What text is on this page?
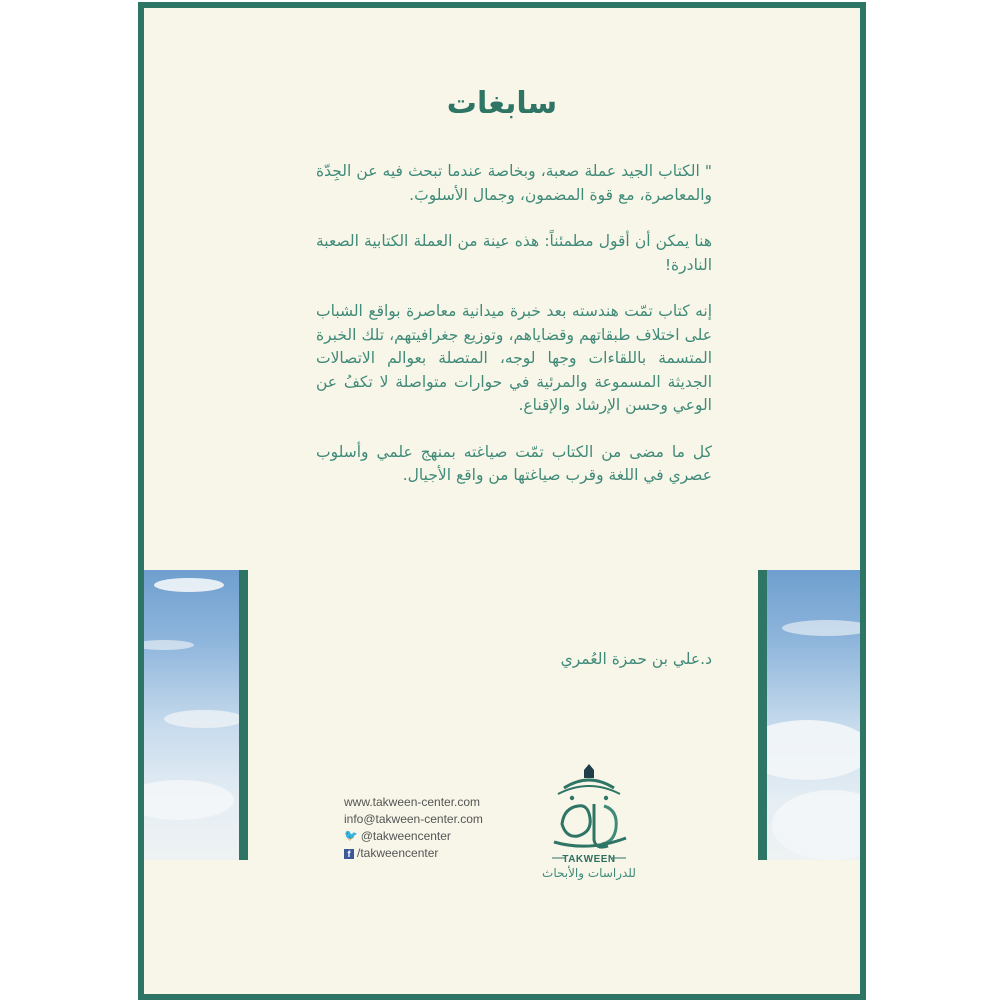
سابغات

" الكتاب الجيد عملة صعبة، وبخاصة عندما تبحث فيه عن الجِدّة والمعاصرة، مع قوة المضمون، وجمال الأسلوبَ.

هنا يمكن أن أقول مطمئناً: هذه عينة من العملة الكتابية الصعبة النادرة!

إنه كتاب تمّت هندسته بعد خبرة ميدانية معاصرة بواقع الشباب على اختلاف طبقاتهم وقضاياهم، وتوزيع جغرافيتهم، تلك الخبرة المتسمة باللقاءات وجها لوجه، المتصلة بعوالم الاتصالات الجديثة المسموعة والمرئية في حوارات متواصلة لا تكفُ عن الوعي وحسن الإرشاد والإقناع.

كل ما مضى من الكتاب تمّت صياغته بمنهج علمي وأسلوب عصري في اللغة وقرب صياغتها من واقع الأجيال.

د.علي بن حمزة العُمري
www.takween-center.com
info@takween-center.com
🐦 @takweencenter
f /takweencenter	TAKWEEN
للدراسات والأبحاث
